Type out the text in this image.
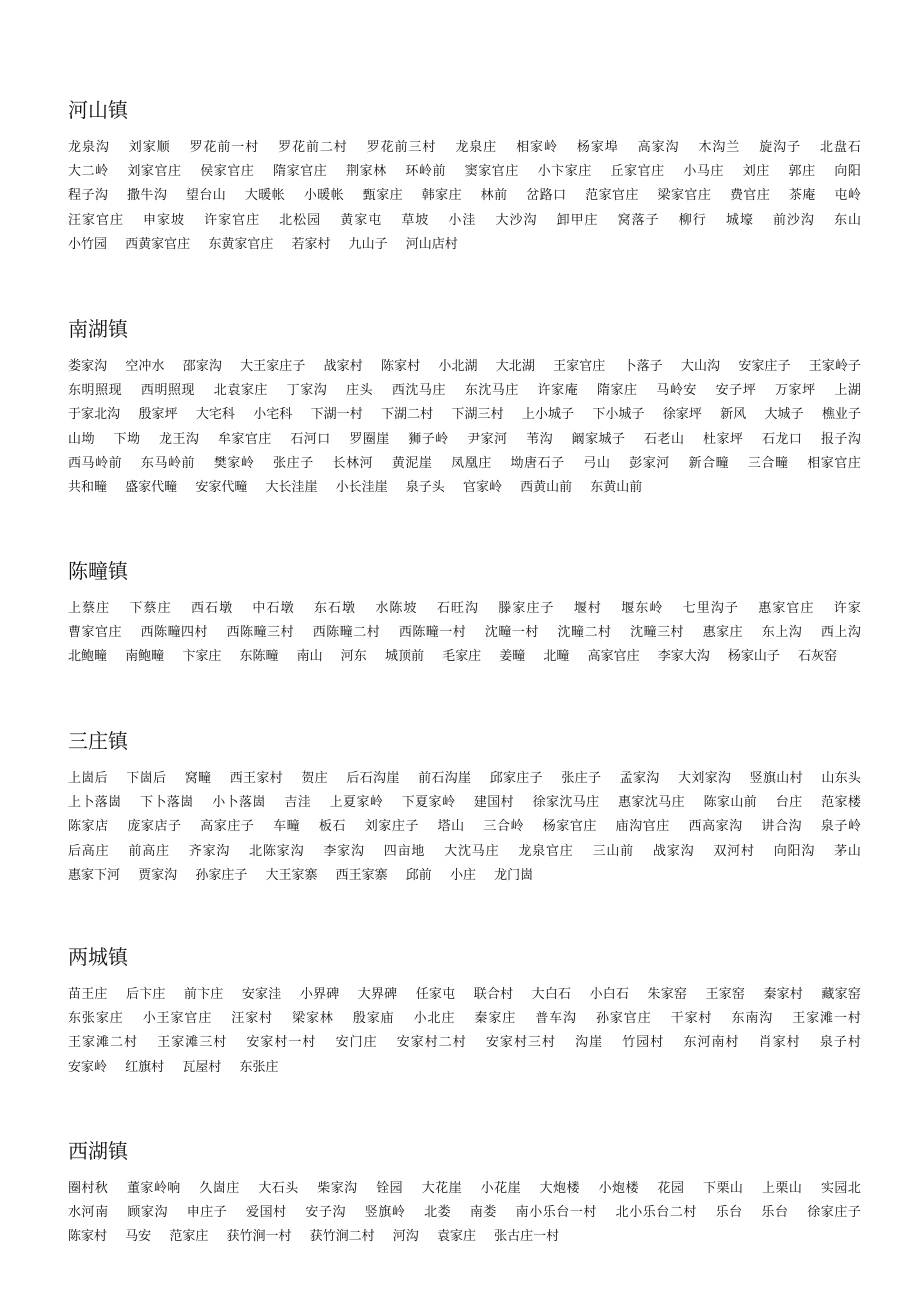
河山镇
龙泉沟 刘家顺 罗花前一村 罗花前二村 罗花前三村 龙泉庄 相家岭 杨家埠 高家沟 木沟兰 旋沟子 北盘石 大二岭 刘家官庄 侯家官庄 隋家官庄 荆家林 环岭前 窦家官庄 小卞家庄 丘家官庄 小马庄 刘庄 郭庄 向阳 程子沟 撒牛沟 望台山 大暖帐 小暖帐 甄家庄 韩家庄 林前 岔路口 范家官庄 梁家官庄 费官庄 茶庵 屯岭 汪家官庄 申家坡 许家官庄 北松园 黄家屯 草坡 小洼 大沙沟 卸甲庄 窝落子 柳行 城壕 前沙沟 东山 小竹园 西黄家官庄 东黄家官庄 若家村 九山子 河山店村
南湖镇
娄家沟 空冲水 邵家沟 大王家庄子 战家村 陈家村 小北湖 大北湖 王家官庄 卜落子 大山沟 安家庄子 王家岭子 东明照现 西明照现 北袁家庄 丁家沟 庄头 西沈马庄 东沈马庄 许家庵 隋家庄 马岭安 安子坪 万家坪 上湖 于家北沟 殷家坪 大宅科 小宅科 下湖一村 下湖二村 下湖三村 上小城子 下小城子 徐家坪 新风 大城子 樵业子 山坳 下坳 龙王沟 牟家官庄 石河口 罗圈崖 狮子岭 尹家河 苇沟 阚家城子 石老山 杜家坪 石龙口 报子沟 西马岭前 东马岭前 樊家岭 张庄子 长林河 黄泥崖 凤凰庄 坳唐石子 弓山 彭家河 新合疃 三合疃 相家官庄 共和疃 盛家代疃 安家代疃 大长洼崖 小长洼崖 泉子头 官家岭 西黄山前 东黄山前
陈疃镇
上蔡庄 下蔡庄 西石墩 中石墩 东石墩 水陈坡 石旺沟 滕家庄子 堰村 堰东岭 七里沟子 惠家官庄 许家 曹家官庄 西陈疃四村 西陈疃三村 西陈疃二村 西陈疃一村 沈疃一村 沈疃二村 沈疃三村 惠家庄 东上沟 西上沟 北鲍疃 南鲍疃 卞家庄 东陈疃 南山 河东 城顶前 毛家庄 姜疃 北疃 高家官庄 李家大沟 杨家山子 石灰窑
三庄镇
上崮后 下崮后 窝疃 西王家村 贺庄 后石沟崖 前石沟崖 邱家庄子 张庄子 孟家沟 大刘家沟 竖旗山村 山东头 上卜落崮 下卜落崮 小卜落崮 吉洼 上夏家岭 下夏家岭 建国村 徐家沈马庄 惠家沈马庄 陈家山前 台庄 范家楼 陈家店 庞家店子 高家庄子 车疃 板石 刘家庄子 塔山 三合岭 杨家官庄 庙沟官庄 西高家沟 讲合沟 泉子岭 后高庄 前高庄 齐家沟 北陈家沟 李家沟 四亩地 大沈马庄 龙泉官庄 三山前 战家沟 双河村 向阳沟 茅山 惠家下河 贾家沟 孙家庄子 大王家寨 西王家寨 邱前 小庄 龙门崮
两城镇
苗王庄 后卞庄 前卞庄 安家洼 小界碑 大界碑 任家屯 联合村 大白石 小白石 朱家窑 王家窑 秦家村 藏家窑 东张家庄 小王家官庄 汪家村 梁家林 殷家庙 小北庄 秦家庄 普车沟 孙家官庄 干家村 东南沟 王家滩一村 王家滩二村 王家滩三村 安家村一村 安门庄 安家村二村 安家村三村 沟崖 竹园村 东河南村 肖家村 泉子村 安家岭 红旗村 瓦屋村 东张庄
西湖镇
圈村秋 董家岭响 久崮庄 大石头 柴家沟 铨园 大花崖 小花崖 大炮楼 小炮楼 花园 下栗山 上栗山 实园北 水河南 顾家沟 申庄子 爱国村 安子沟 竖旗岭 北娄 南娄 南小乐台一村 北小乐台二村 乐台 乐台 徐家庄子 陈家村 马安 范家庄 获竹涧一村 获竹涧二村 河沟 袁家庄 张古庄一村
